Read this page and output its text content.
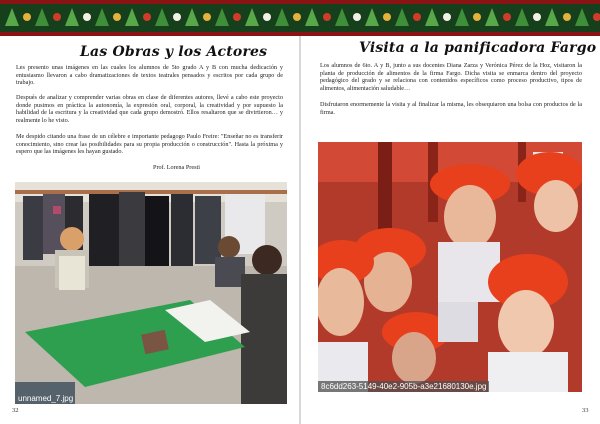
Las Obras y los Actores

Les presento unas imágenes en las cuales los alumnos de 5to grado A y B con mucha dedicación y entusiasmo llevaron a cabo dramatizaciones de textos teatrales pensados y escritos por cada grupo de trabajo.

Después de analizar y comprender varias obras en clase de diferentes autores, llevé a cabo este proyecto donde pusimos en práctica la autonomía, la expresión oral, corporal, la creatividad y por supuesto la habilidad de la escritura y la creatividad que cada grupo demostró. Ellos resaltaron que se divirtieron… y realmente lo he visto.

Me despido citando una frase de un célebre e importante pedagogo Paulo Freire: "Enseñar no es transferir conocimiento, sino crear las posibilidades para su propia producción o construcción". Hasta la próxima y espero que las imágenes les hayan gustado.

Prof. Lorena Presti
unnamed_7.jpg
32
Visita a la panificadora Fargo

Los alumnos de 6to. A y B, junto a sus docentes Diana Zarza y Verónica Pérez de la Hoz, visitaron la planta de producción de alimentos de la firma Fargo. Dicha visita se enmarca dentro del proyecto pedagógico del grado y se relaciona con contenidos específicos como proceso productivo, tipos de alimentos, alimentación saludable…

Disfrutaron enormemente la visita y al finalizar la misma, les obsequiaron una bolsa con productos de la firma.

8c6dd263-5149-40e2-905b-a3e21680130e.jpg
33
